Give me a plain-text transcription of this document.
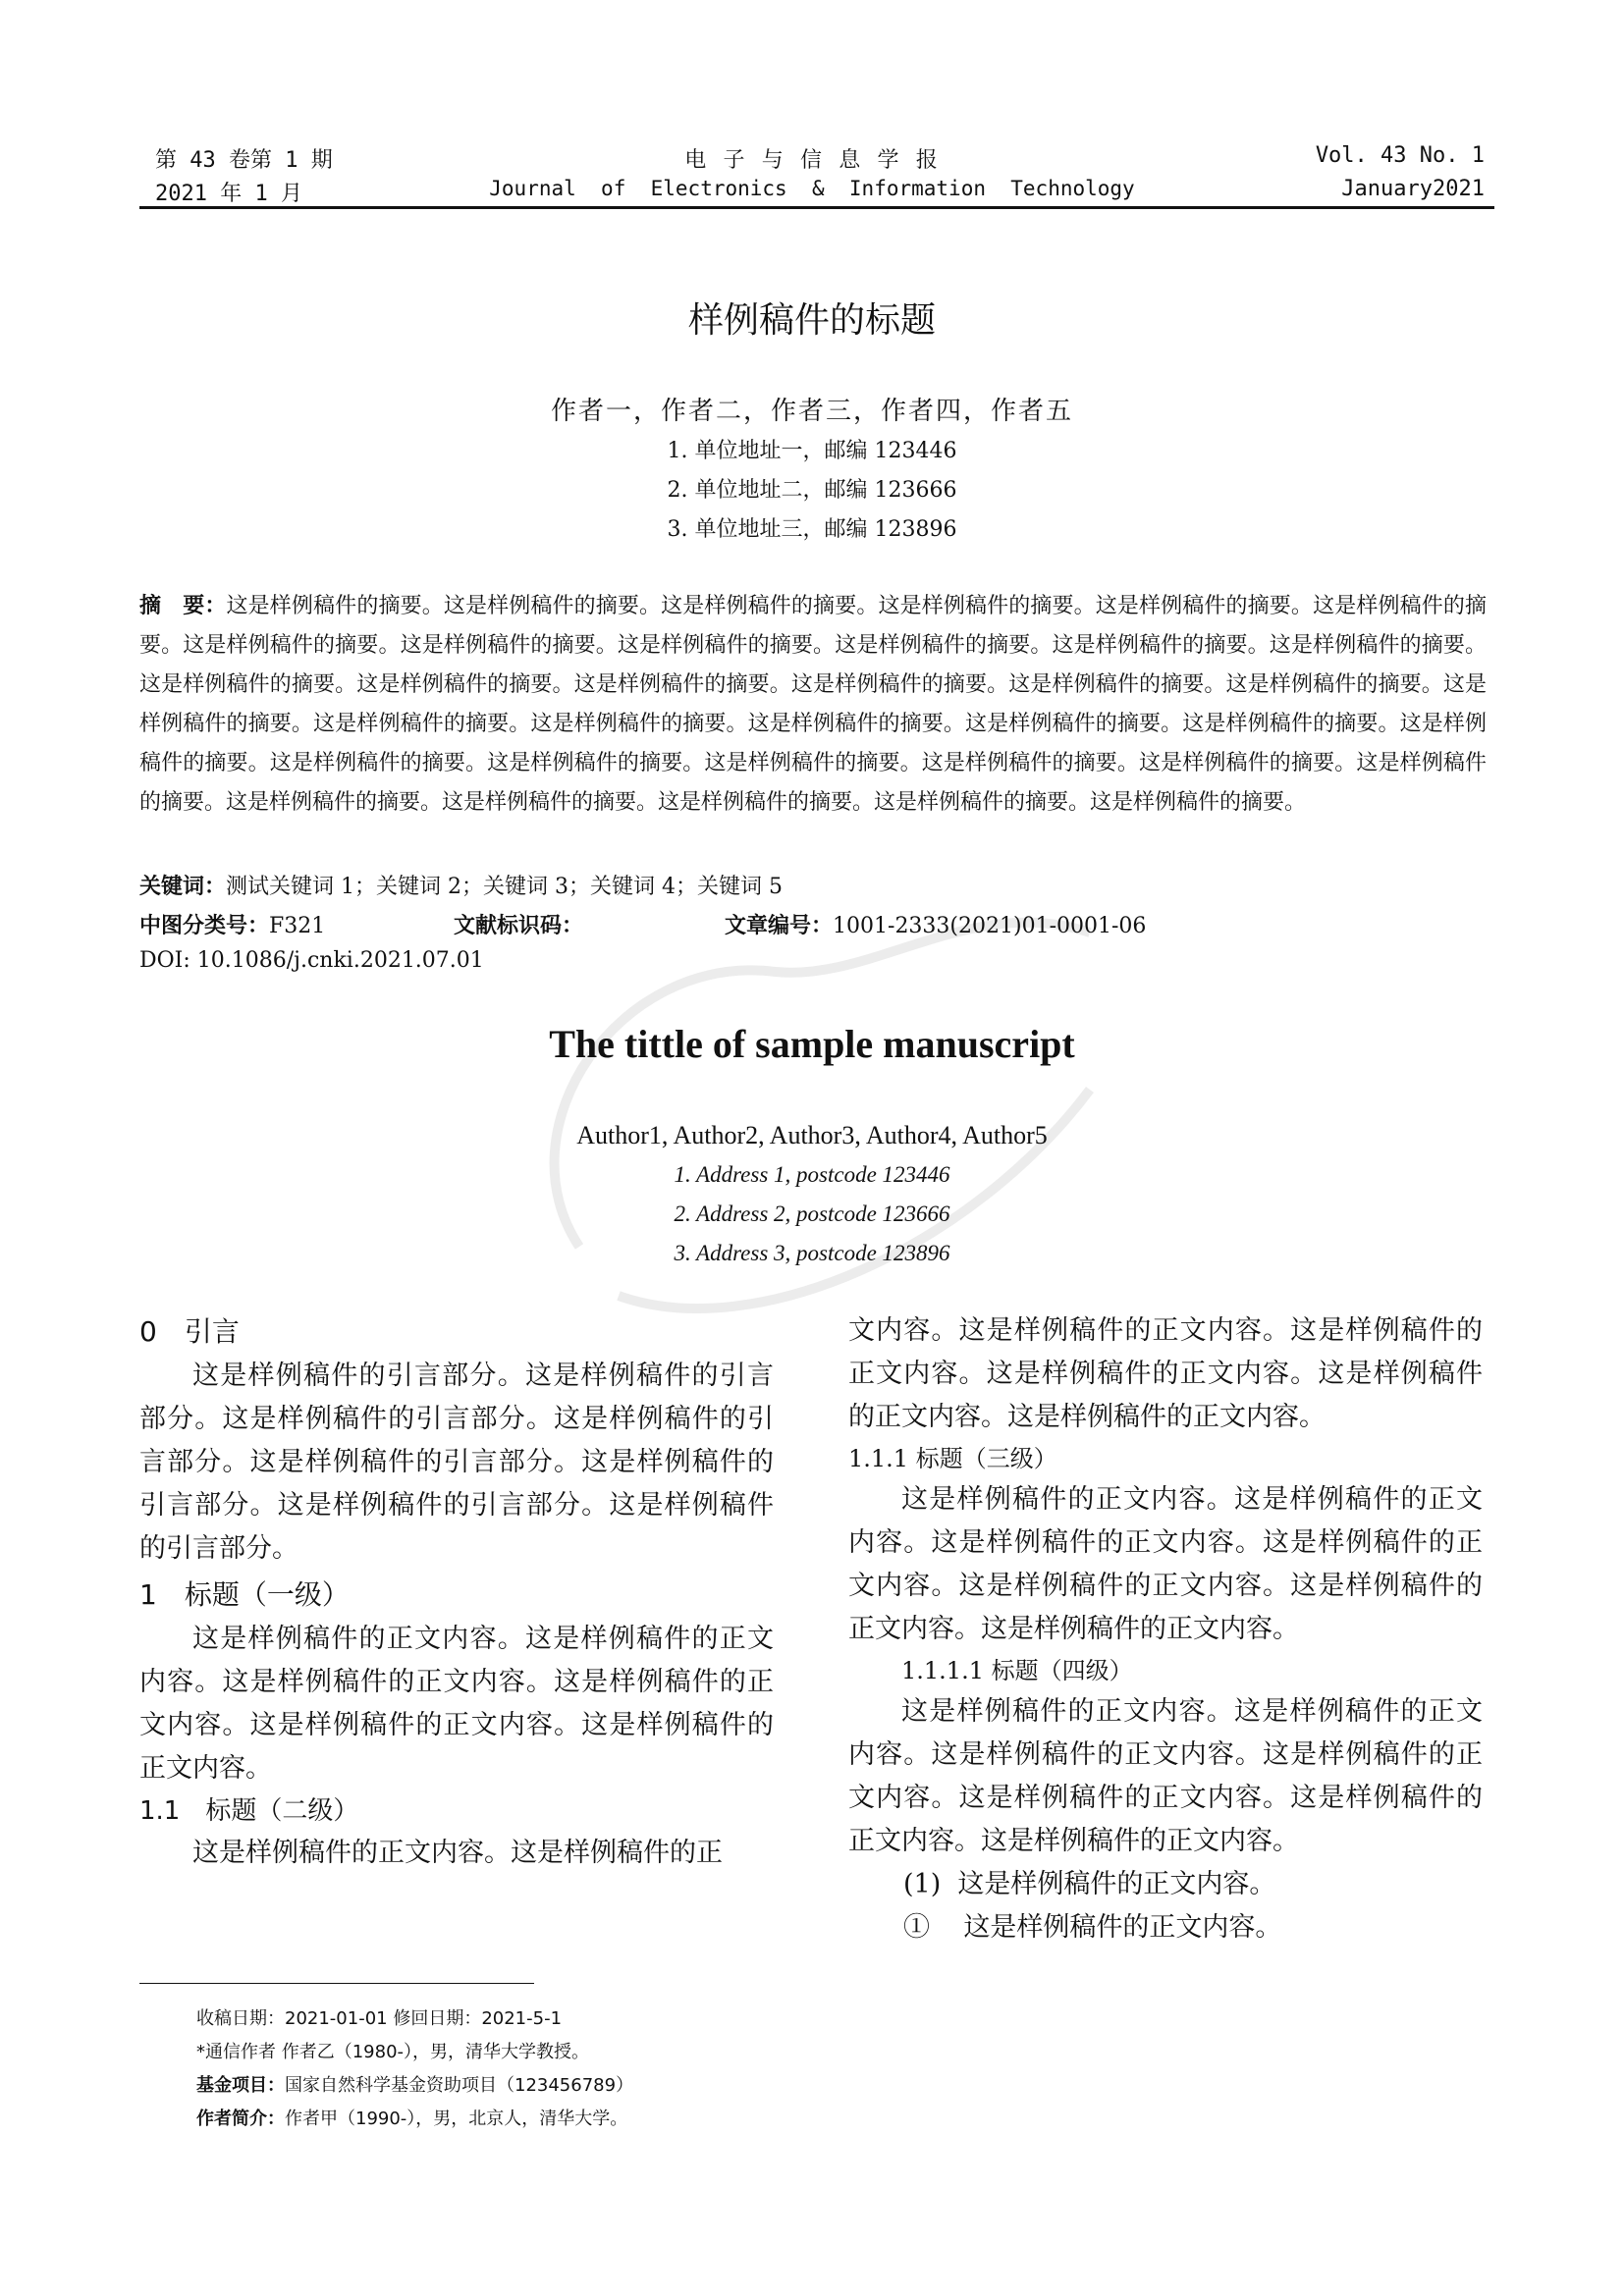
第 43 卷第 1 期
2021 年 1 月
电 子 与 信 息 学 报
Journal  of  Electronics  &  Information  Technology
Vol. 43 No. 1
January2021
样例稿件的标题
作者一，作者二，作者三，作者四，作者五
1. 单位地址一，邮编 123446
2. 单位地址二，邮编 123666
3. 单位地址三，邮编 123896
摘　要：这是样例稿件的摘要。这是样例稿件的摘要。这是样例稿件的摘要。这是样例稿件的摘要。这是样例稿件的摘要。这是样例稿件的摘要。这是样例稿件的摘要。这是样例稿件的摘要。这是样例稿件的摘要。这是样例稿件的摘要。这是样例稿件的摘要。这是样例稿件的摘要。这是样例稿件的摘要。这是样例稿件的摘要。这是样例稿件的摘要。这是样例稿件的摘要。这是样例稿件的摘要。这是样例稿件的摘要。这是样例稿件的摘要。这是样例稿件的摘要。这是样例稿件的摘要。这是样例稿件的摘要。这是样例稿件的摘要。这是样例稿件的摘要。这是样例稿件的摘要。这是样例稿件的摘要。这是样例稿件的摘要。这是样例稿件的摘要。这是样例稿件的摘要。这是样例稿件的摘要。这是样例稿件的摘要。这是样例稿件的摘要。这是样例稿件的摘要。这是样例稿件的摘要。这是样例稿件的摘要。这是样例稿件的摘要。
关键词：测试关键词 1；关键词 2；关键词 3；关键词 4；关键词 5
中图分类号：F321	文献标识码：	文章编号：1001-2333(2021)01-0001-06
DOI: 10.1086/j.cnki.2021.07.01
The tittle of sample manuscript
Author1, Author2, Author3, Author4, Author5
1. Address 1, postcode 123446
2. Address 2, postcode 123666
3. Address 3, postcode 123896

0　引言

这是样例稿件的引言部分。这是样例稿件的引言部分。这是样例稿件的引言部分。这是样例稿件的引言部分。这是样例稿件的引言部分。这是样例稿件的引言部分。这是样例稿件的引言部分。这是样例稿件的引言部分。

1　标题（一级）

这是样例稿件的正文内容。这是样例稿件的正文内容。这是样例稿件的正文内容。这是样例稿件的正文内容。这是样例稿件的正文内容。这是样例稿件的正文内容。

1.1　标题（二级）

这是样例稿件的正文内容。这是样例稿件的正

文内容。这是样例稿件的正文内容。这是样例稿件的正文内容。这是样例稿件的正文内容。这是样例稿件的正文内容。这是样例稿件的正文内容。

1.1.1 标题（三级）

这是样例稿件的正文内容。这是样例稿件的正文内容。这是样例稿件的正文内容。这是样例稿件的正文内容。这是样例稿件的正文内容。这是样例稿件的正文内容。这是样例稿件的正文内容。

1.1.1.1 标题（四级）

这是样例稿件的正文内容。这是样例稿件的正文内容。这是样例稿件的正文内容。这是样例稿件的正文内容。这是样例稿件的正文内容。这是样例稿件的正文内容。这是样例稿件的正文内容。

(1) 这是样例稿件的正文内容。

① 这是样例稿件的正文内容。

收稿日期：2021-01-01 修回日期：2021-5-1
*通信作者 作者乙（1980-），男，清华大学教授。
基金项目：国家自然科学基金资助项目（123456789）
作者简介：作者甲（1990-），男，北京人，清华大学。
